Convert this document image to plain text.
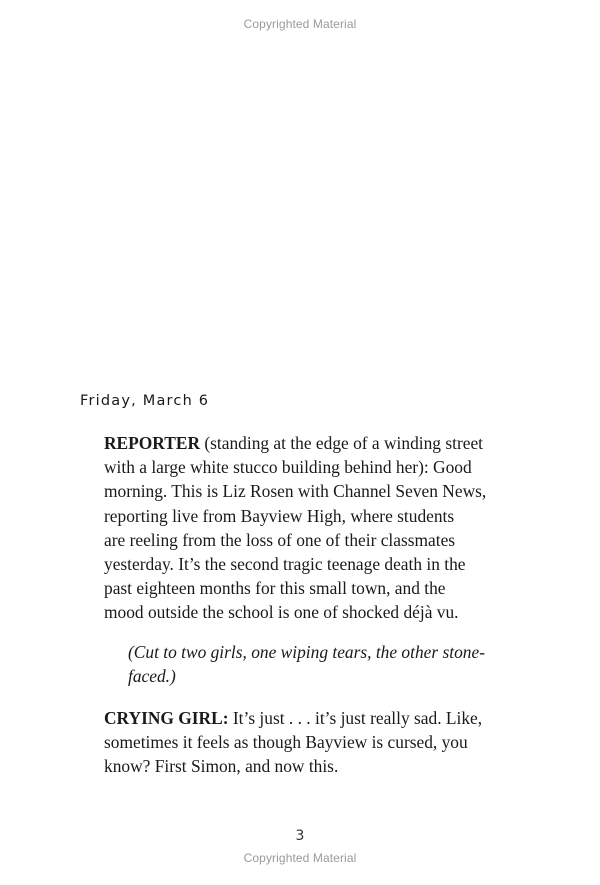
Copyrighted Material
Friday, March 6
REPORTER (standing at the edge of a winding street
with a large white stucco building behind her): Good
morning. This is Liz Rosen with Channel Seven News,
reporting live from Bayview High, where students
are reeling from the loss of one of their classmates
yesterday. It’s the second tragic teenage death in the
past eighteen months for this small town, and the
mood outside the school is one of shocked déjà vu.
(Cut to two girls, one wiping tears, the other stone-
faced.)
CRYING GIRL: It’s just . . . it’s just really sad. Like,
sometimes it feels as though Bayview is cursed, you
know? First Simon, and now this.
3
Copyrighted Material
